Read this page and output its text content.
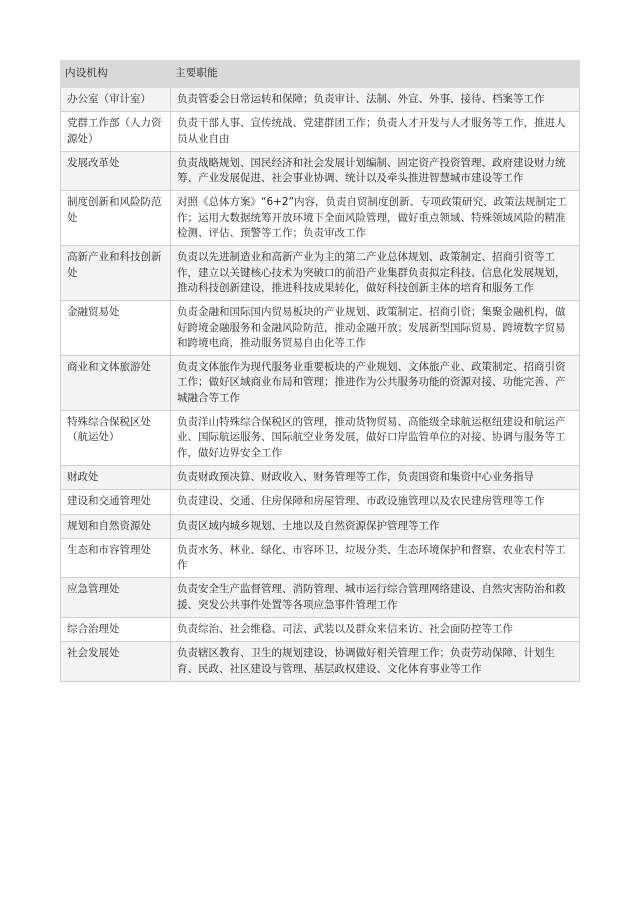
内设机构	主要职能
办公室（审计室）	负责管委会日常运转和保障；负责审计、法制、外宣、外事、接待、档案等工作
党群工作部（人力资源处）	负责干部人事、宣传统战、党建群团工作；负责人才开发与人才服务等工作，推进人员从业自由
发展改革处	负责战略规划、国民经济和社会发展计划编制、固定资产投资管理、政府建设财力统筹、产业发展促进、社会事业协调、统计以及牵头推进智慧城市建设等工作
制度创新和风险防范处	对照《总体方案》“6+2”内容，负责自贸制度创新、专项政策研究、政策法规制定工作；运用大数据统筹开放环境下全面风险管理，做好重点领域、特殊领域风险的精准检测、评估、预警等工作；负责审改工作
高新产业和科技创新处	负责以先进制造业和高新产业为主的第二产业总体规划、政策制定、招商引资等工作，建立以关键核心技术为突破口的前沿产业集群负责拟定科技、信息化发展规划，推动科技创新建设，推进科技成果转化，做好科技创新主体的培育和服务工作
金融贸易处	负责金融和国际国内贸易板块的产业规划、政策制定、招商引资；集聚金融机构，做好跨境金融服务和金融风险防范，推动金融开放；发展新型国际贸易、跨境数字贸易和跨境电商，推动服务贸易自由化等工作
商业和文体旅游处	负责文体旅作为现代服务业重要板块的产业规划、文体旅产业、政策制定、招商引资工作；做好区域商业布局和管理；推进作为公共服务功能的资源对接、功能完善、产城融合等工作
特殊综合保税区处（航运处）	负责洋山特殊综合保税区的管理，推动货物贸易、高能级全球航运枢纽建设和航运产业、国际航运服务、国际航空业务发展，做好口岸监管单位的对接、协调与服务等工作，做好边界安全工作
财政处	负责财政预决算、财政收入、财务管理等工作，负责国资和集资中心业务指导
建设和交通管理处	负责建设、交通、住房保障和房屋管理、市政设施管理以及农民建房管理等工作
规划和自然资源处	负责区域内城乡规划、土地以及自然资源保护管理等工作
生态和市容管理处	负责水务、林业、绿化、市容环卫、垃圾分类、生态环境保护和督察、农业农村等工作
应急管理处	负责安全生产监督管理、消防管理、城市运行综合管理网络建设、自然灾害防治和救援、突发公共事件处置等各项应急事件管理工作
综合治理处	负责综治、社会维稳、司法、武装以及群众来信来访、社会面防控等工作
社会发展处	负责辖区教育、卫生的规划建设，协调做好相关管理工作；负责劳动保障、计划生育、民政、社区建设与管理、基层政权建设、文化体育事业等工作
